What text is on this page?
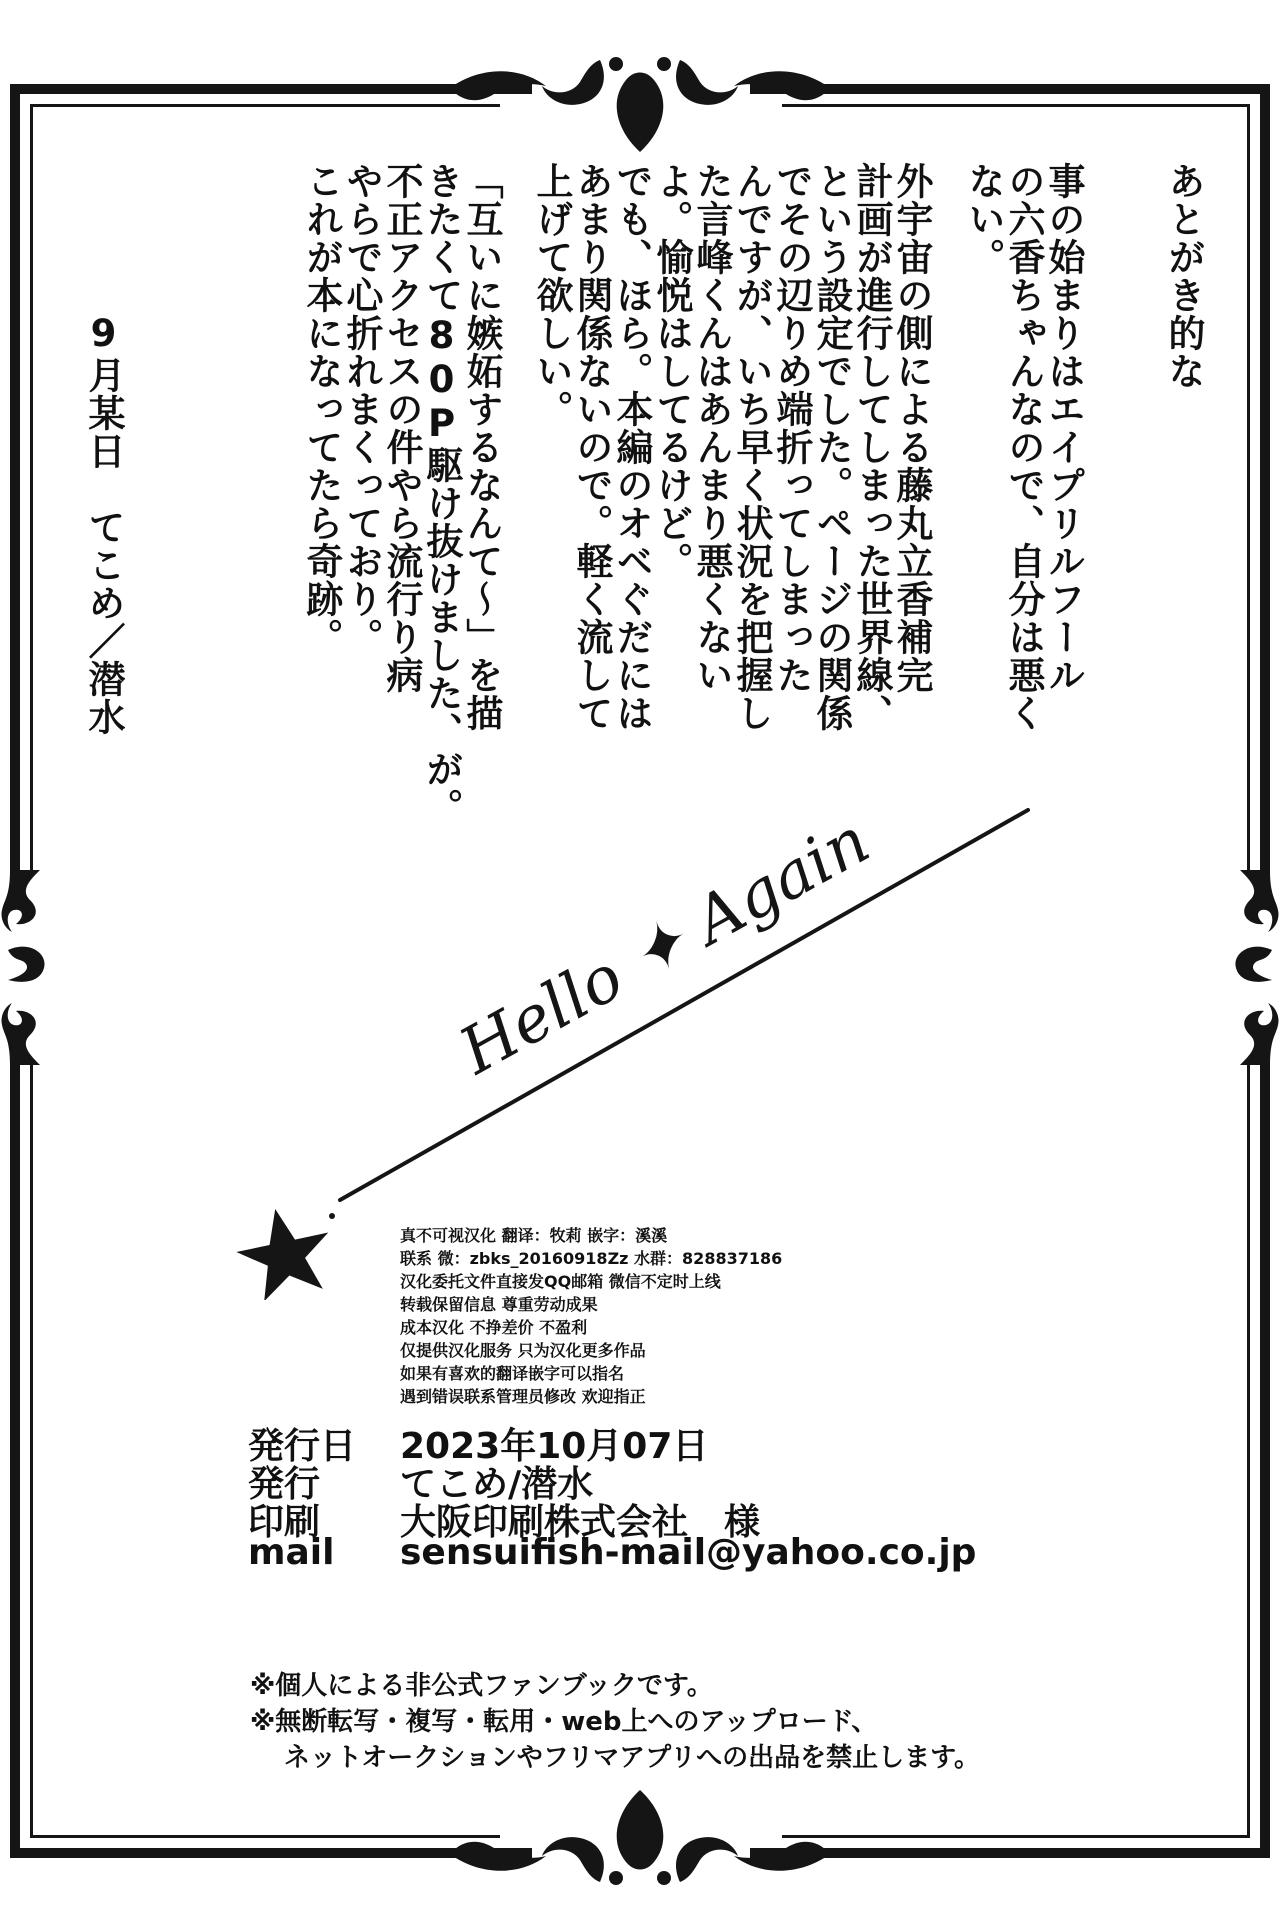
あとがき的な
事の始まりはエイプリルフール
の六香ちゃんなので、自分は悪く
ない。
外宇宙の側による藤丸立香補完
計画が進行してしまった世界線、
という設定でした。ページの関係
でその辺りめ端折ってしまった
んですが、いち早く状況を把握し
た言峰くんはあんまり悪くない
よ。愉悦はしてるけど。
でも、ほら。本編のオベぐだには
あまり関係ないので。軽く流して
上げて欲しい。
「互いに嫉妬するなんて～」を描
きたくて80P駆け抜けました、が。
不正アクセスの件やら流行り病
やらで心折れまくっており。
これが本になってたら奇跡。
9月某日　てこめ／潜水
Hello ✦ Again
真不可视汉化 翻译：牧莉 嵌字：溪溪
联系 微：zbks_20160918Zz 水群：828837186
汉化委托文件直接发QQ邮箱 微信不定时上线
转载保留信息 尊重劳动成果
成本汉化 不挣差价 不盈利
仅提供汉化服务 只为汉化更多作品
如果有喜欢的翻译嵌字可以指名
遇到错误联系管理员修改 欢迎指正
発行日 2023年10月07日
発行 てこめ/潜水
印刷 大阪印刷株式会社　様
mail sensuifish-mail@yahoo.co.jp
※個人による非公式ファンブックです。
※無断転写・複写・転用・web上へのアップロード、
ネットオークションやフリマアプリへの出品を禁止します。
